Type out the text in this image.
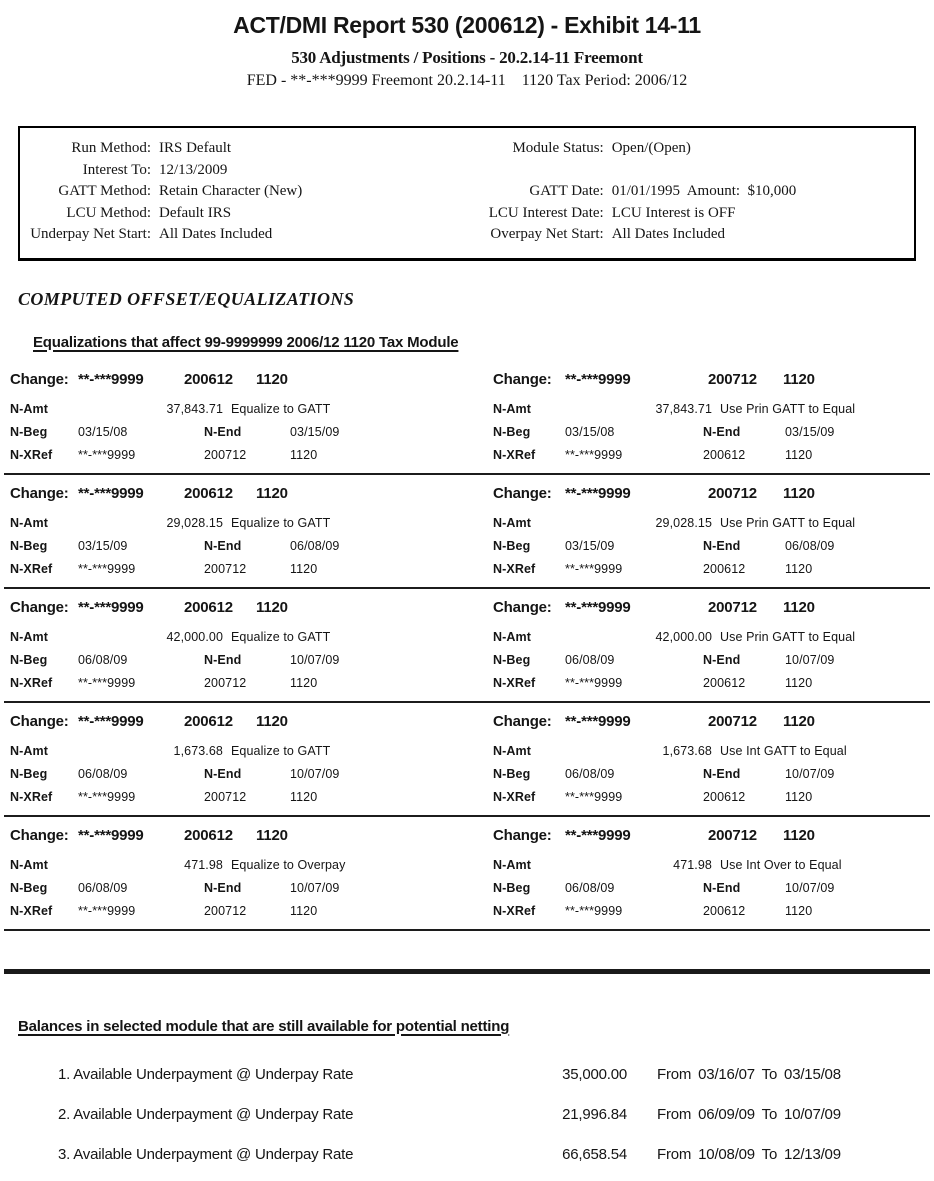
ACT/DMI Report 530 (200612) - Exhibit 14-11
530 Adjustments / Positions - 20.2.14-11 Freemont
FED - **-***9999 Freemont 20.2.14-11    1120 Tax Period: 2006/12
Run Method: IRS Default
Interest To: 12/13/2009
GATT Method: Retain Character (New)
LCU Method: Default IRS
Underpay Net Start: All Dates Included
Module Status: Open/(Open)
GATT Date: 01/01/1995  Amount:  $10,000
LCU Interest Date: LCU Interest is OFF
Overpay Net Start: All Dates Included
COMPUTED OFFSET/EQUALIZATIONS
Equalizations that affect 99-9999999 2006/12 1120 Tax Module
Change: **-***9999	200612	1120
N-Amt	37,843.71 Equalize to GATT
N-Beg	03/15/08	N-End	03/15/09
N-XRef	**-***9999	200712	1120
Change: **-***9999	200712	1120
N-Amt	37,843.71 Use Prin GATT to Equal
N-Beg	03/15/08	N-End	03/15/09
N-XRef	**-***9999	200612	1120
Change: **-***9999	200612	1120
N-Amt	29,028.15 Equalize to GATT
N-Beg	03/15/09	N-End	06/08/09
N-XRef	**-***9999	200712	1120
Change: **-***9999	200712	1120
N-Amt	29,028.15 Use Prin GATT to Equal
N-Beg	03/15/09	N-End	06/08/09
N-XRef	**-***9999	200612	1120
Change: **-***9999	200612	1120
N-Amt	42,000.00 Equalize to GATT
N-Beg	06/08/09	N-End	10/07/09
N-XRef	**-***9999	200712	1120
Change: **-***9999	200712	1120
N-Amt	42,000.00 Use Prin GATT to Equal
N-Beg	06/08/09	N-End	10/07/09
N-XRef	**-***9999	200612	1120
Change: **-***9999	200612	1120
N-Amt	1,673.68 Equalize to GATT
N-Beg	06/08/09	N-End	10/07/09
N-XRef	**-***9999	200712	1120
Change: **-***9999	200712	1120
N-Amt	1,673.68 Use Int GATT to Equal
N-Beg	06/08/09	N-End	10/07/09
N-XRef	**-***9999	200612	1120
Change: **-***9999	200612	1120
N-Amt	471.98 Equalize to Overpay
N-Beg	06/08/09	N-End	10/07/09
N-XRef	**-***9999	200712	1120
Change: **-***9999	200712	1120
N-Amt	471.98 Use Int Over to Equal
N-Beg	06/08/09	N-End	10/07/09
N-XRef	**-***9999	200612	1120
Balances in selected module that are still available for potential netting
1. Available Underpayment @ Underpay Rate	35,000.00	From 03/16/07 To 03/15/08
2. Available Underpayment @ Underpay Rate	21,996.84	From 06/09/09 To 10/07/09
3. Available Underpayment @ Underpay Rate	66,658.54	From 10/08/09 To 12/13/09
